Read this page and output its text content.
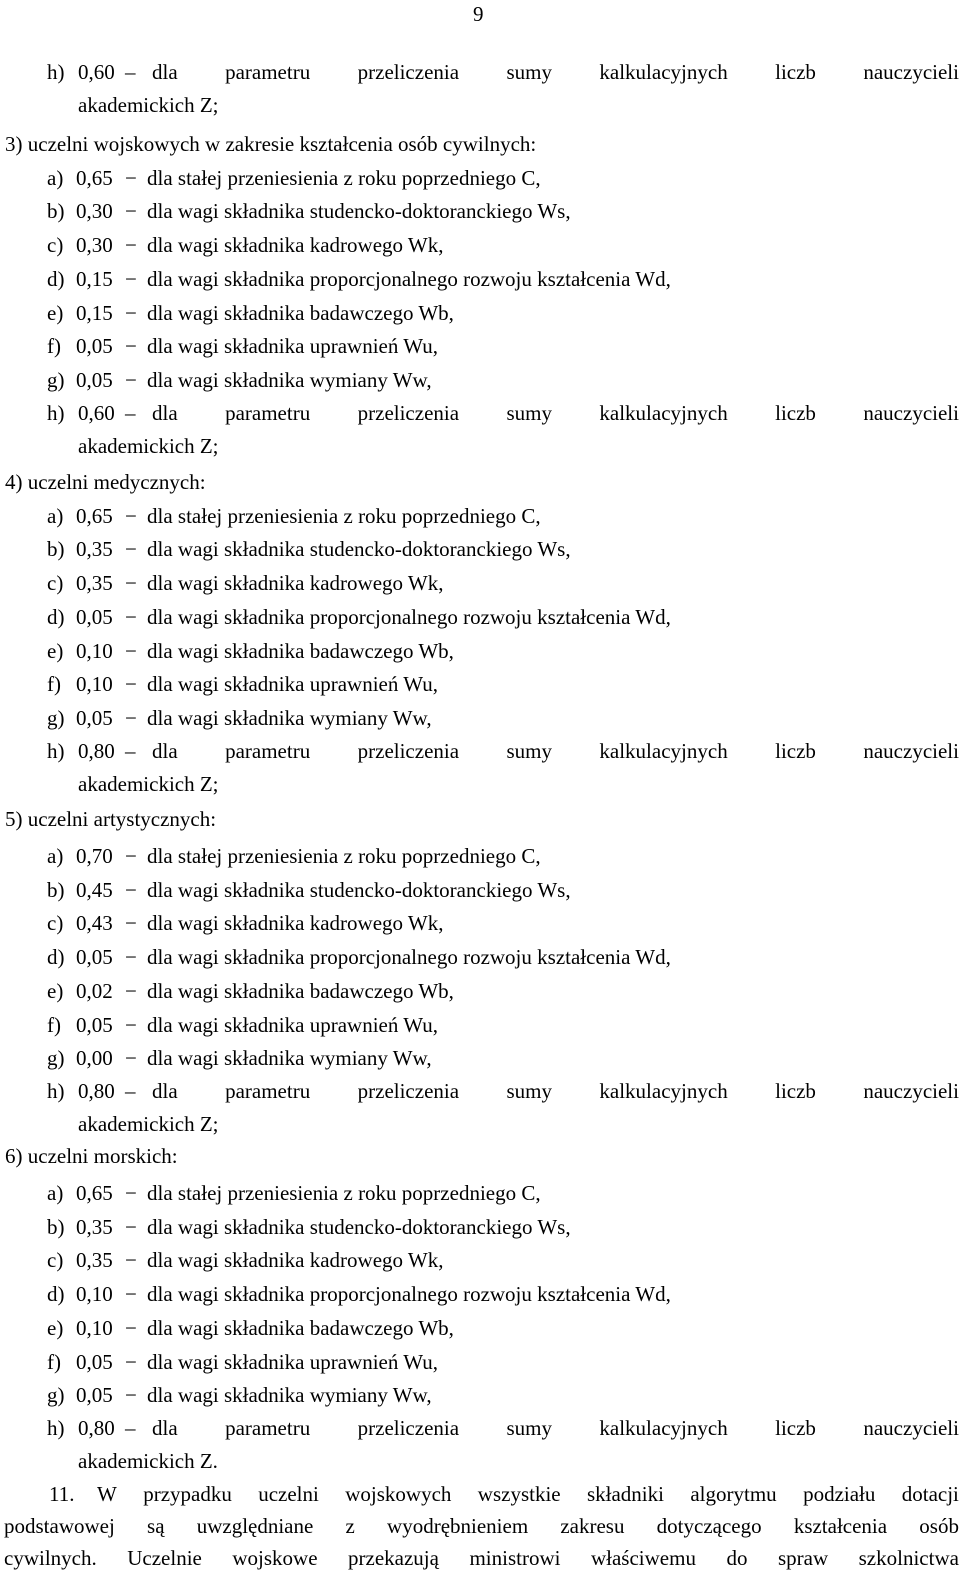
9
h) 0,60 – dla parametru przeliczenia sumy kalkulacyjnych liczb nauczycieli
akademickich Z;
3) uczelni wojskowych w zakresie kształcenia osób cywilnych:
a) 0,65 − dla stałej przeniesienia z roku poprzedniego C,
b) 0,30 − dla wagi składnika studencko-doktoranckiego Ws,
c) 0,30 − dla wagi składnika kadrowego Wk,
d) 0,15 − dla wagi składnika proporcjonalnego rozwoju kształcenia Wd,
e) 0,15 − dla wagi składnika badawczego Wb,
f) 0,05 − dla wagi składnika uprawnień Wu,
g) 0,05 − dla wagi składnika wymiany Ww,
h) 0,60 – dla parametru przeliczenia sumy kalkulacyjnych liczb nauczycieli
akademickich Z;
4) uczelni medycznych:
a) 0,65 − dla stałej przeniesienia z roku poprzedniego C,
b) 0,35 − dla wagi składnika studencko-doktoranckiego Ws,
c) 0,35 − dla wagi składnika kadrowego Wk,
d) 0,05 − dla wagi składnika proporcjonalnego rozwoju kształcenia Wd,
e) 0,10 − dla wagi składnika badawczego Wb,
f) 0,10 − dla wagi składnika uprawnień Wu,
g) 0,05 − dla wagi składnika wymiany Ww,
h) 0,80 – dla parametru przeliczenia sumy kalkulacyjnych liczb nauczycieli
akademickich Z;
5) uczelni artystycznych:
a) 0,70 − dla stałej przeniesienia z roku poprzedniego C,
b) 0,45 − dla wagi składnika studencko-doktoranckiego Ws,
c) 0,43 − dla wagi składnika kadrowego Wk,
d) 0,05 − dla wagi składnika proporcjonalnego rozwoju kształcenia Wd,
e) 0,02 − dla wagi składnika badawczego Wb,
f) 0,05 − dla wagi składnika uprawnień Wu,
g) 0,00 − dla wagi składnika wymiany Ww,
h) 0,80 – dla parametru przeliczenia sumy kalkulacyjnych liczb nauczycieli
akademickich Z;
6) uczelni morskich:
a) 0,65 − dla stałej przeniesienia z roku poprzedniego C,
b) 0,35 − dla wagi składnika studencko-doktoranckiego Ws,
c) 0,35 − dla wagi składnika kadrowego Wk,
d) 0,10 − dla wagi składnika proporcjonalnego rozwoju kształcenia Wd,
e) 0,10 − dla wagi składnika badawczego Wb,
f) 0,05 − dla wagi składnika uprawnień Wu,
g) 0,05 − dla wagi składnika wymiany Ww,
h) 0,80 – dla parametru przeliczenia sumy kalkulacyjnych liczb nauczycieli
akademickich Z.
11. W przypadku uczelni wojskowych wszystkie składniki algorytmu podziału dotacji
podstawowej są uwzględniane z wyodrębnieniem zakresu dotyczącego kształcenia osób
cywilnych. Uczelnie wojskowe przekazują ministrowi właściwemu do spraw szkolnictwa
